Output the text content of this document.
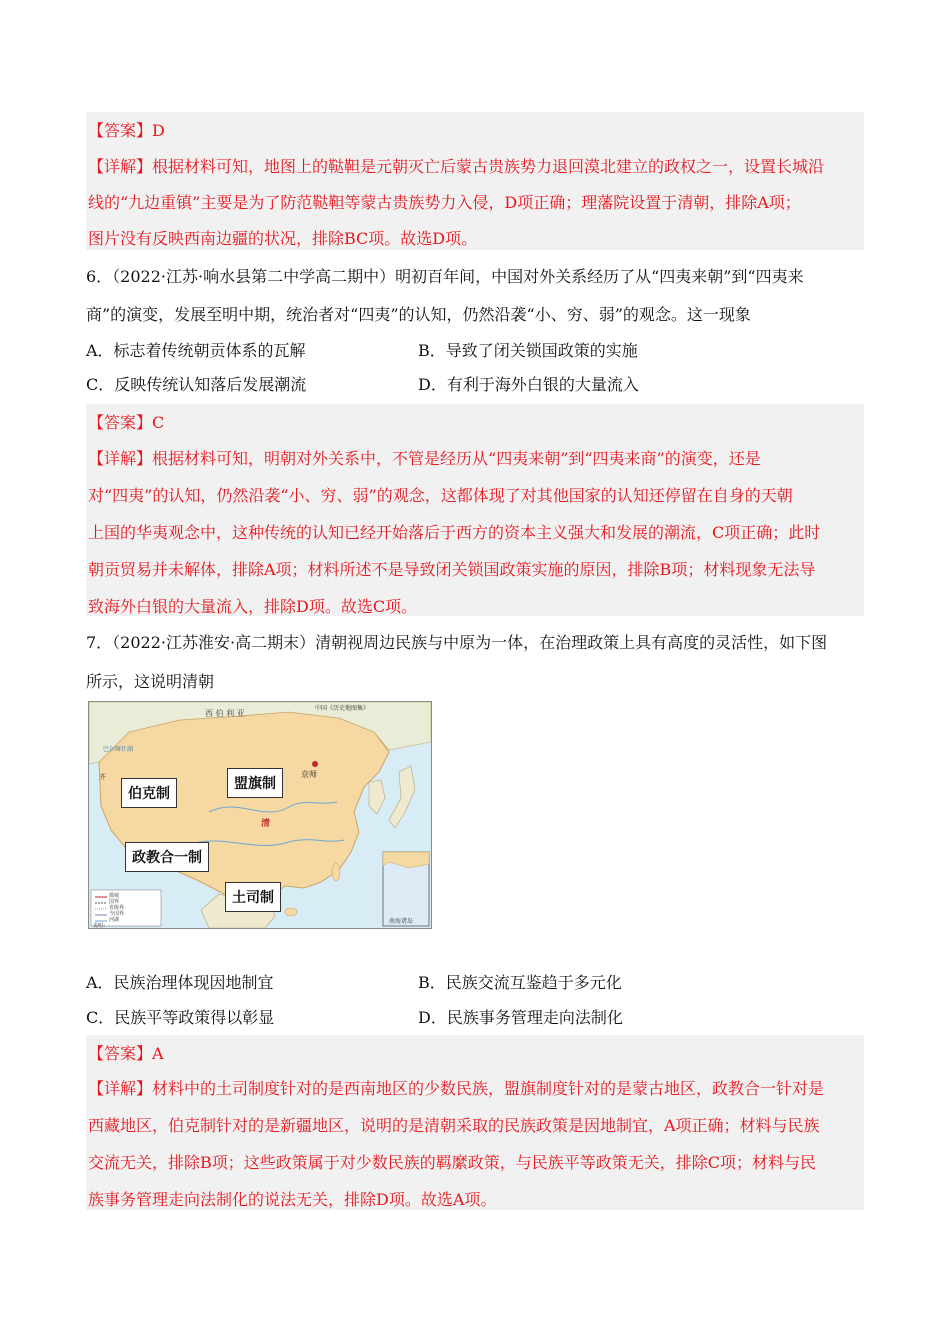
【答案】D
【详解】根据材料可知，地图上的鞑靼是元朝灭亡后蒙古贵族势力退回漠北建立的政权之一，设置长城沿
线的“九边重镇”主要是为了防范鞑靼等蒙古贵族势力入侵，D项正确；理藩院设置于清朝，排除A项；
图片没有反映西南边疆的状况，排除BC项。故选D项。
6．（2022·江苏·响水县第二中学高二期中）明初百年间，中国对外关系经历了从“四夷来朝”到“四夷来
商”的演变，发展至明中期，统治者对“四夷”的认知，仍然沿袭“小、穷、弱”的观念。这一现象
A．标志着传统朝贡体系的瓦解	B．导致了闭关锁国政策的实施
C．反映传统认知落后发展潮流	D．有利于海外白银的大量流入
【答案】C
【详解】根据材料可知，明朝对外关系中，不管是经历从“四夷来朝”到“四夷来商”的演变，还是
对“四夷”的认知，仍然沿袭“小、穷、弱”的观念，这都体现了对其他国家的认知还停留在自身的天朝
上国的华夷观念中，这种传统的认知已经开始落后于西方的资本主义强大和发展的潮流，C项正确；此时
朝贡贸易并未解体，排除A项；材料所述不是导致闭关锁国政策实施的原因，排除B项；材料现象无法导
致海外白银的大量流入，排除D项。故选C项。
7．（2022·江苏淮安·高二期末）清朝视周边民族与中原为一体，在治理政策上具有高度的灵活性，如下图
所示，这说明清朝
中国《历史地图集》
西 伯 利 亚
齐
巴尔喀什湖
京师
清
南海诸岛
都城
国界
省级界
今国界
河湖
说明：
伯克制
盟旗制
政教合一制
土司制
A．民族治理体现因地制宜	B．民族交流互鉴趋于多元化
C．民族平等政策得以彰显	D．民族事务管理走向法制化
【答案】A
【详解】材料中的土司制度针对的是西南地区的少数民族，盟旗制度针对的是蒙古地区，政教合一针对是
西藏地区，伯克制针对的是新疆地区，说明的是清朝采取的民族政策是因地制宜，A项正确；材料与民族
交流无关，排除B项；这些政策属于对少数民族的羁縻政策，与民族平等政策无关，排除C项；材料与民
族事务管理走向法制化的说法无关，排除D项。故选A项。
